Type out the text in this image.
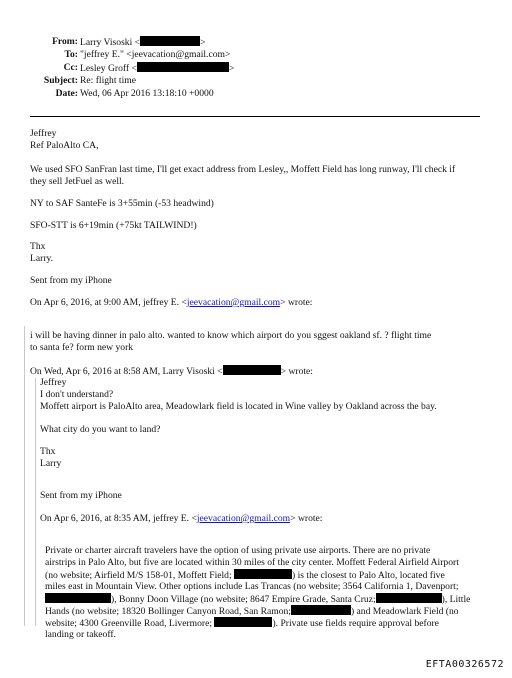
From: Larry Visoski <	>
To: "jeffrey E." <jeevacation@gmail.com>
Cc: Lesley Groff <	>
Subject: Re: flight time
Date: Wed, 06 Apr 2016 13:18:10 +0000
Jeffrey
Ref PaloAlto CA,
We used SFO SanFran last time, I'll get exact address from Lesley,, Moffett Field has long runway, I'll check if
they sell JetFuel as well.
NY to SAF SanteFe is 3+55min (-53 headwind)
SFO-STT is 6+19min (+75kt TAILWIND!)
Thx
Larry.
Sent from my iPhone
On Apr 6, 2016, at 9:00 AM, jeffrey E. <jeevacation@gmail.com> wrote:
i will be having dinner in palo alto. wanted to know which airport do you sggest oakland sf. ? flight time
to santa fe? form new york
On Wed, Apr 6, 2016 at 8:58 AM, Larry Visoski <	> wrote:
Jeffrey
I don't understand?
Moffett airport is PaloAlto area, Meadowlark field is located in Wine valley by Oakland across the bay.
What city do you want to land?
Thx
Larry
Sent from my iPhone
On Apr 6, 2016, at 8:35 AM, jeffrey E. <jeevacation@gmail.com> wrote:
Private or charter aircraft travelers have the option of using private use airports. There are no private
airstrips in Palo Alto, but five are located within 30 miles of the city center. Moffett Federal Airfield Airport
(no website; Airfield M/S 158-01, Moffett Field;	) is the closest to Palo Alto, located five
miles east in Mountain View. Other options include Las Trancas (no website; 3564 California 1, Davenport;
), Bonny Doon Village (no website; 8647 Empire Grade, Santa Cruz;	), Little
Hands (no website; 18320 Bollinger Canyon Road, San Ramon;	) and Meadowlark Field (no
website; 4300 Greenville Road, Livermore;	). Private use fields require approval before
landing or takeoff.
EFTA00326572
